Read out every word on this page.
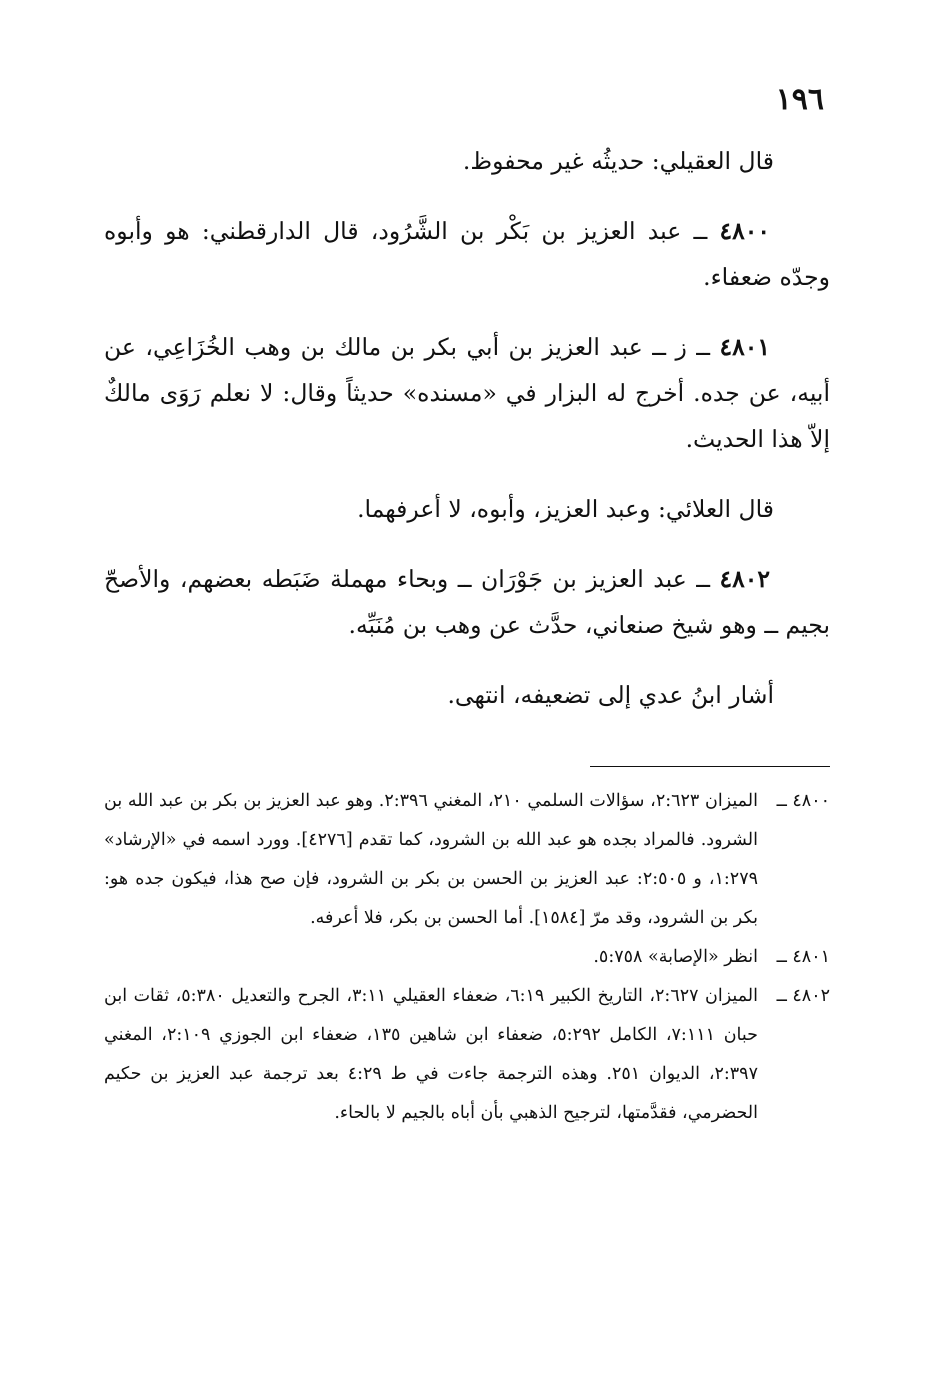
١٩٦

قال العقيلي: حديثُه غير محفوظ.

٤٨٠٠ ــ عبد العزيز بن بَكْر بن الشَّرُود، قال الدارقطني: هو وأبوه وجدّه ضعفاء.

٤٨٠١ ــ ز ــ عبد العزيز بن أبي بكر بن مالك بن وهب الخُزَاعِي، عن أبيه، عن جده. أخرج له البزار في «مسنده» حديثاً وقال: لا نعلم رَوَى مالكٌ إلاّ هذا الحديث.

قال العلائي: وعبد العزيز، وأبوه، لا أعرفهما.

٤٨٠٢ ــ عبد العزيز بن جَوْرَان ــ وبحاء مهملة ضَبَطه بعضهم، والأصحّ بجيم ــ وهو شيخ صنعاني، حدَّث عن وهب بن مُنَبِّه.

أشار ابنُ عدي إلى تضعيفه، انتهى.

٤٨٠٠ ــ
الميزان ٢:٦٢٣، سؤالات السلمي ٢١٠، المغني ٢:٣٩٦. وهو عبد العزيز بن بكر بن عبد الله بن الشرود. فالمراد بجده هو عبد الله بن الشرود، كما تقدم [٤٢٧٦]. وورد اسمه في «الإرشاد» ١:٢٧٩، و ٢:٥٠٥: عبد العزيز بن الحسن بن بكر بن الشرود، فإن صح هذا، فيكون جده هو: بكر بن الشرود، وقد مرّ [١٥٨٤]. أما الحسن بن بكر، فلا أعرفه.
٤٨٠١ ــ
انظر «الإصابة» ٥:٧٥٨.
٤٨٠٢ ــ
الميزان ٢:٦٢٧، التاريخ الكبير ٦:١٩، ضعفاء العقيلي ٣:١١، الجرح والتعديل ٥:٣٨٠، ثقات ابن حبان ٧:١١١، الكامل ٥:٢٩٢، ضعفاء ابن شاهين ١٣٥، ضعفاء ابن الجوزي ٢:١٠٩، المغني ٢:٣٩٧، الديوان ٢٥١. وهذه الترجمة جاءت في ط ٤:٢٩ بعد ترجمة عبد العزيز بن حكيم الحضرمي، فقدَّمتها، لترجيح الذهبي بأن أباه بالجيم لا بالحاء.
